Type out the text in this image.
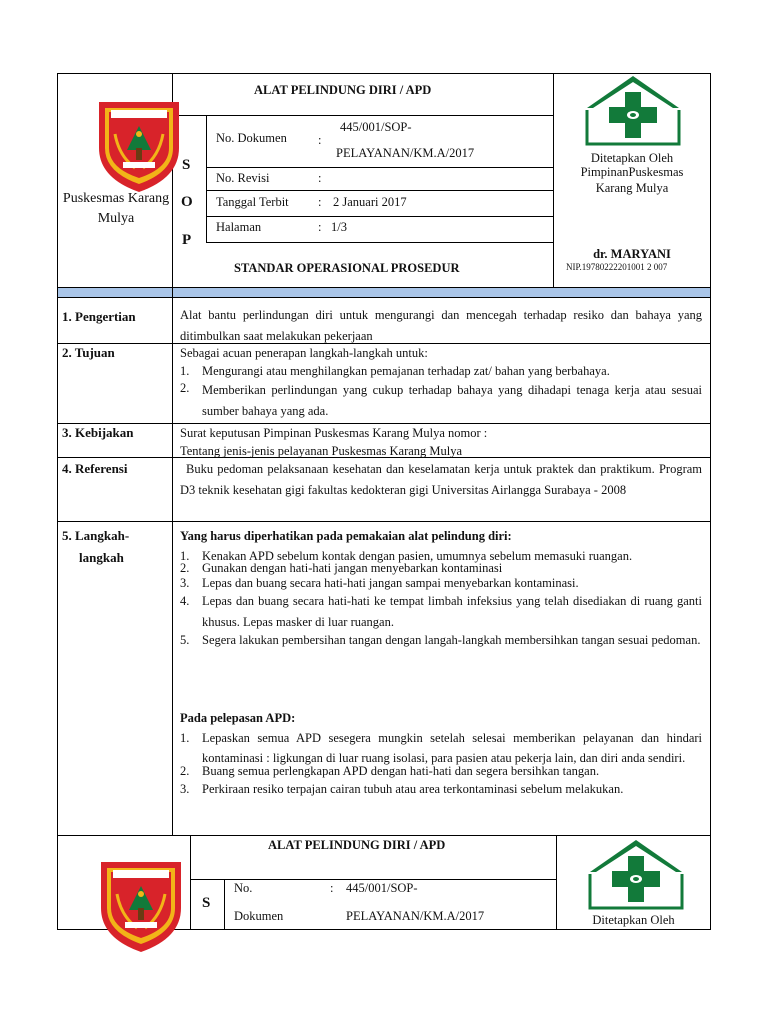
Puskesmas Karang Mulya
S
O
P
ALAT PELINDUNG DIRI / APD
No. Dokumen :
445/001/SOP-
PELAYANAN/KM.A/2017
No. Revisi	:
Tanggal Terbit : 2 Januari 2017
Halaman	: 1/3
STANDAR OPERASIONAL PROSEDUR
Ditetapkan Oleh
PimpinanPuskesmas
Karang Mulya
dr. MARYANI
NIP.19780222201001 2 007
1. Pengertian	Alat bantu perlindungan diri untuk mengurangi dan mencegah terhadap resiko dan bahaya yang ditimbulkan saat melakukan pekerjaan
2. Tujuan	Sebagai acuan penerapan langkah-langkah untuk:
1. Mengurangi atau menghilangkan pemajanan terhadap zat/ bahan yang berbahaya.
2. Memberikan perlindungan yang cukup terhadap bahaya yang dihadapi tenaga kerja atau sesuai sumber bahaya yang ada.
3. Kebijakan	Surat keputusan Pimpinan Puskesmas Karang Mulya nomor :
Tentang jenis-jenis pelayanan Puskesmas Karang Mulya
4. Referensi	Buku pedoman pelaksanaan kesehatan dan keselamatan kerja untuk praktek dan praktikum. Program D3 teknik kesehatan gigi fakultas kedokteran gigi Universitas Airlangga Surabaya - 2008
5. Langkah-
langkah
Yang harus diperhatikan pada pemakaian alat pelindung diri:
1. Kenakan APD sebelum kontak dengan pasien, umumnya sebelum memasuki ruangan.
2. Gunakan dengan hati-hati jangan menyebarkan kontaminasi
3. Lepas dan buang secara hati-hati jangan sampai menyebarkan kontaminasi.
4. Lepas dan buang secara hati-hati ke tempat limbah infeksius yang telah disediakan di ruang ganti khusus. Lepas masker di luar ruangan.
5. Segera lakukan pembersihan tangan dengan langah-langkah membersihkan tangan sesuai pedoman.
Pada pelepasan APD:
1. Lepaskan semua APD sesegera mungkin setelah selesai memberikan pelayanan dan hindari kontaminasi : ligkungan di luar ruang isolasi, para pasien atau pekerja lain, dan diri anda sendiri.
2. Buang semua perlengkapan APD dengan hati-hati dan segera bersihkan tangan.
3. Perkiraan resiko terpajan cairan tubuh atau area terkontaminasi sebelum melakukan.
ALAT PELINDUNG DIRI / APD
S
No.
Dokumen
: 445/001/SOP-
PELAYANAN/KM.A/2017	Ditetapkan Oleh
